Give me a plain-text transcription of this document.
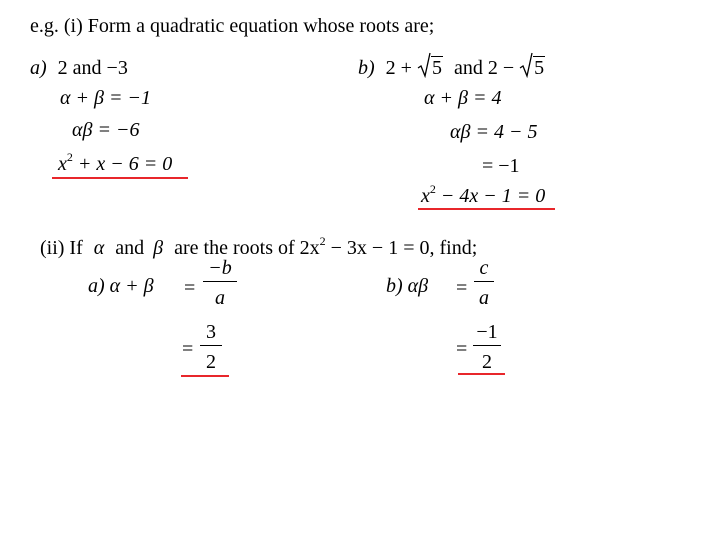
e.g. (i) Form a quadratic equation whose roots are;
a) 2 and −3
α + β = −1
αβ = −6
$x^2 + x - 6 = 0$
b) 2 + 5 and 2 − 5
α + β = 4
αβ = 4 − 5
= −1
$x^2 - 4x - 1 = 0$
(ii) If α and β are the roots of $2x^2 - 3x - 1 = 0$, find;
a) $\alpha + \beta = \frac{-b}{a}$
= $\frac{3}{2}$
b) $\alpha\beta = \frac{c}{a}$
= $\frac{-1}{2}$
